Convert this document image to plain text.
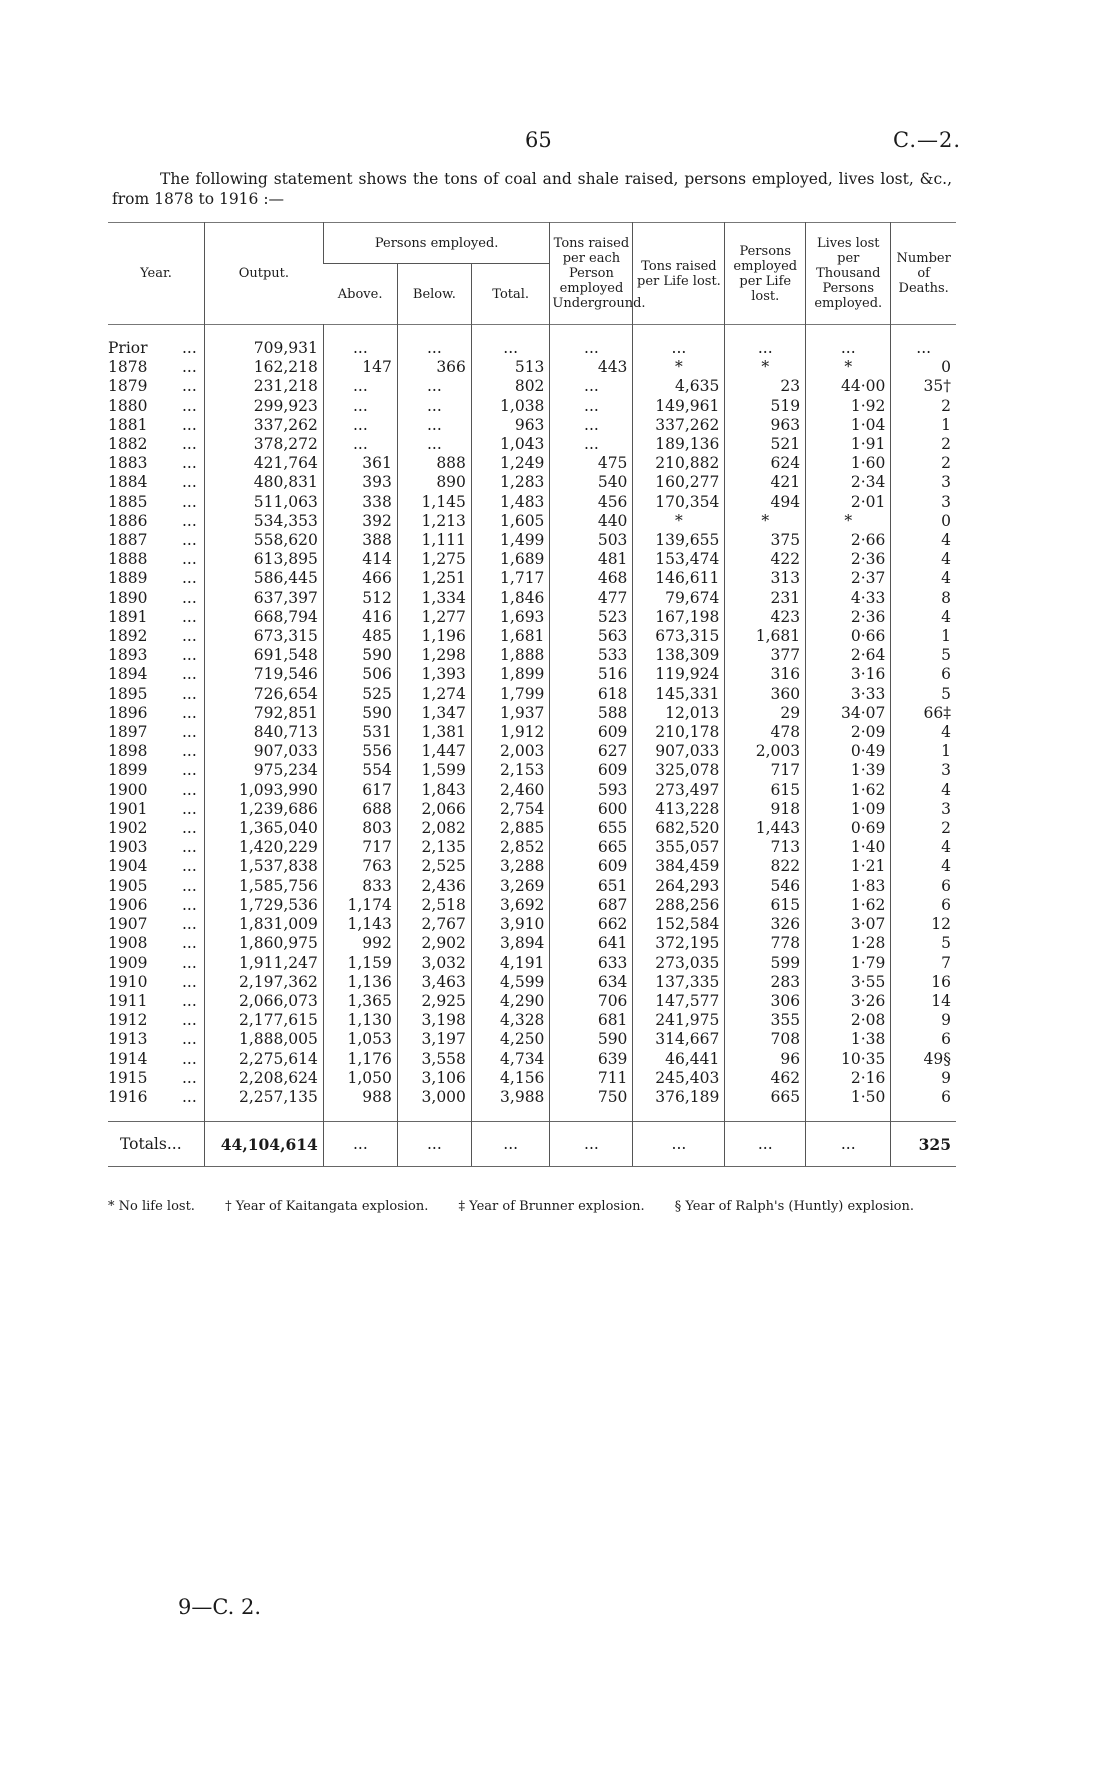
65	C.—2.
The following statement shows the tons of coal and shale raised, persons employed, lives lost, &c., from 1878 to 1916 :—
Year.	Output.	Persons employed.			Tons raised per each Person employed Underground.	Tons raised per Life lost.	Persons employed per Life lost.	Lives lost per Thousand Persons employed.	Number of Deaths.
		Above.	Below.	Total.					

Prior ...	709,931	...	...	...	...	...	...	...	...
1878 ...	162,218	147	366	513	443	*	*	*	0
1879 ...	231,218	...	...	802	...	4,635	23	44·00	35†
1880 ...	299,923	...	...	1,038	...	149,961	519	1·92	2
1881 ...	337,262	...	...	963	...	337,262	963	1·04	1
1882 ...	378,272	...	...	1,043	...	189,136	521	1·91	2
1883 ...	421,764	361	888	1,249	475	210,882	624	1·60	2
1884 ...	480,831	393	890	1,283	540	160,277	421	2·34	3
1885 ...	511,063	338	1,145	1,483	456	170,354	494	2·01	3
1886 ...	534,353	392	1,213	1,605	440	*	*	*	0
1887 ...	558,620	388	1,111	1,499	503	139,655	375	2·66	4
1888 ...	613,895	414	1,275	1,689	481	153,474	422	2·36	4
1889 ...	586,445	466	1,251	1,717	468	146,611	313	2·37	4
1890 ...	637,397	512	1,334	1,846	477	79,674	231	4·33	8
1891 ...	668,794	416	1,277	1,693	523	167,198	423	2·36	4
1892 ...	673,315	485	1,196	1,681	563	673,315	1,681	0·66	1
1893 ...	691,548	590	1,298	1,888	533	138,309	377	2·64	5
1894 ...	719,546	506	1,393	1,899	516	119,924	316	3·16	6
1895 ...	726,654	525	1,274	1,799	618	145,331	360	3·33	5
1896 ...	792,851	590	1,347	1,937	588	12,013	29	34·07	66‡
1897 ...	840,713	531	1,381	1,912	609	210,178	478	2·09	4
1898 ...	907,033	556	1,447	2,003	627	907,033	2,003	0·49	1
1899 ...	975,234	554	1,599	2,153	609	325,078	717	1·39	3
1900 ...	1,093,990	617	1,843	2,460	593	273,497	615	1·62	4
1901 ...	1,239,686	688	2,066	2,754	600	413,228	918	1·09	3
1902 ...	1,365,040	803	2,082	2,885	655	682,520	1,443	0·69	2
1903 ...	1,420,229	717	2,135	2,852	665	355,057	713	1·40	4
1904 ...	1,537,838	763	2,525	3,288	609	384,459	822	1·21	4
1905 ...	1,585,756	833	2,436	3,269	651	264,293	546	1·83	6
1906 ...	1,729,536	1,174	2,518	3,692	687	288,256	615	1·62	6
1907 ...	1,831,009	1,143	2,767	3,910	662	152,584	326	3·07	12
1908 ...	1,860,975	992	2,902	3,894	641	372,195	778	1·28	5
1909 ...	1,911,247	1,159	3,032	4,191	633	273,035	599	1·79	7
1910 ...	2,197,362	1,136	3,463	4,599	634	137,335	283	3·55	16
1911 ...	2,066,073	1,365	2,925	4,290	706	147,577	306	3·26	14
1912 ...	2,177,615	1,130	3,198	4,328	681	241,975	355	2·08	9
1913 ...	1,888,005	1,053	3,197	4,250	590	314,667	708	1·38	6
1914 ...	2,275,614	1,176	3,558	4,734	639	46,441	96	10·35	49§
1915 ...	2,208,624	1,050	3,106	4,156	711	245,403	462	2·16	9
1916 ...	2,257,135	988	3,000	3,988	750	376,189	665	1·50	6

Totals...	44,104,614	...	...	...	...	...	...	...	325
* No life lost. † Year of Kaitangata explosion. ‡ Year of Brunner explosion. § Year of Ralph's (Huntly) explosion.
9—C. 2.
